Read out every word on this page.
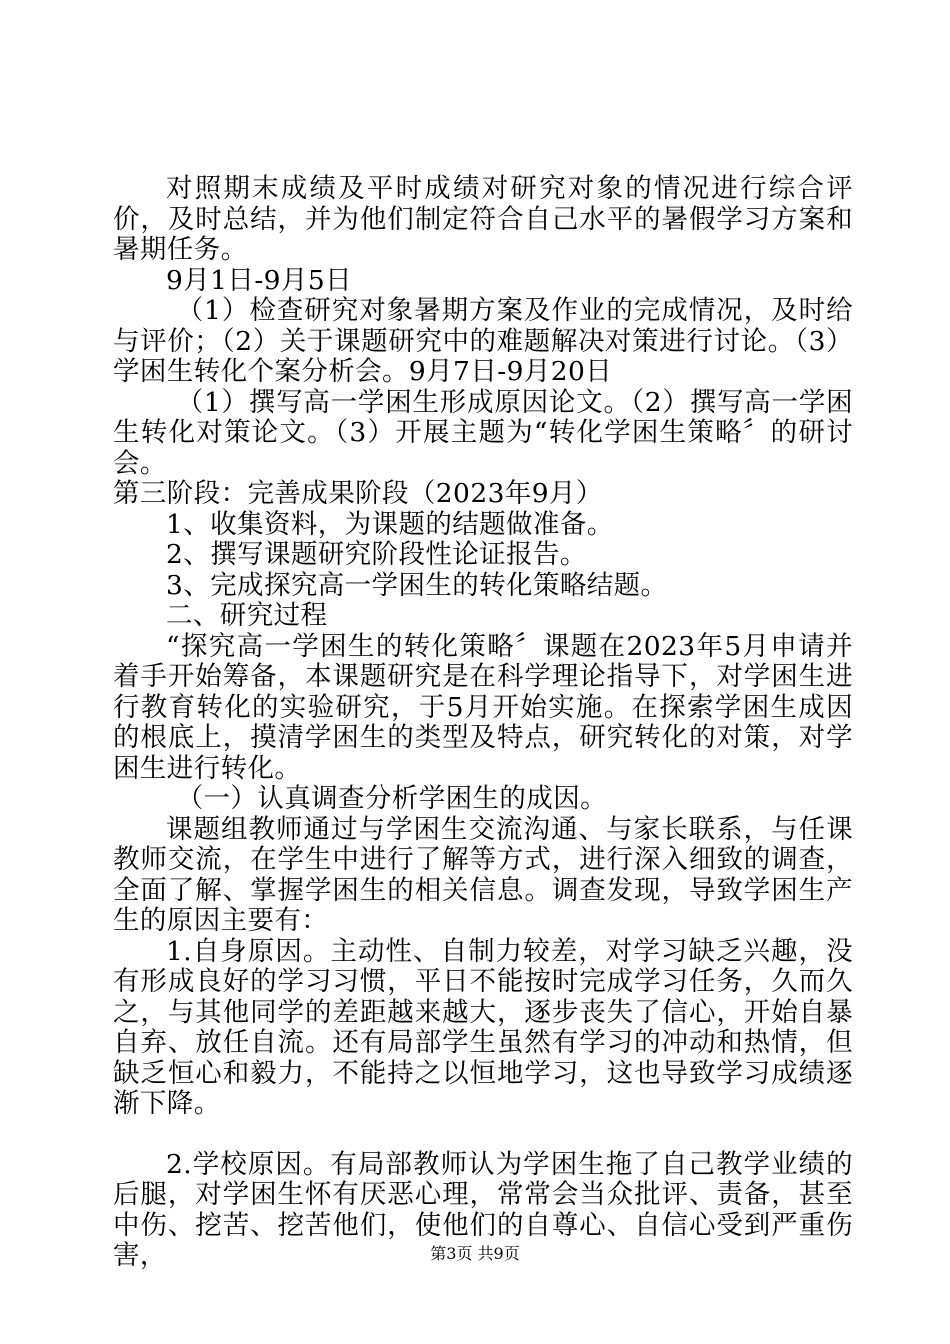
对照期末成绩及平时成绩对研究对象的情况进行综合评价，及时总结，并为他们制定符合自己水平的暑假学习方案和暑期任务。

9月1日-9月5日

（1）检查研究对象暑期方案及作业的完成情况，及时给与评价；（2）关于课题研究中的难题解决对策进行讨论。（3）学困生转化个案分析会。9月7日-9月20日

（1）撰写高一学困生形成原因论文。（2）撰写高一学困生转化对策论文。（3）开展主题为“转化学困生策略〞的研讨会。

第三阶段：完善成果阶段（2023年9月）

1、收集资料，为课题的结题做准备。

2、撰写课题研究阶段性论证报告。

3、完成探究高一学困生的转化策略结题。

二、研究过程

“探究高一学困生的转化策略〞课题在2023年5月申请并着手开始筹备，本课题研究是在科学理论指导下，对学困生进行教育转化的实验研究，于5月开始实施。在探索学困生成因的根底上，摸清学困生的类型及特点，研究转化的对策，对学困生进行转化。

（一）认真调查分析学困生的成因。

课题组教师通过与学困生交流沟通、与家长联系，与任课教师交流，在学生中进行了解等方式，进行深入细致的调查，全面了解、掌握学困生的相关信息。调查发现，导致学困生产生的原因主要有：

1.自身原因。主动性、自制力较差，对学习缺乏兴趣，没有形成良好的学习习惯，平日不能按时完成学习任务，久而久之，与其他同学的差距越来越大，逐步丧失了信心，开始自暴自弃、放任自流。还有局部学生虽然有学习的冲动和热情，但缺乏恒心和毅力，不能持之以恒地学习，这也导致学习成绩逐渐下降。

2.学校原因。有局部教师认为学困生拖了自己教学业绩的后腿，对学困生怀有厌恶心理，常常会当众批评、责备，甚至中伤、挖苦、挖苦他们，使他们的自尊心、自信心受到严重伤害，	第3页 共9页
